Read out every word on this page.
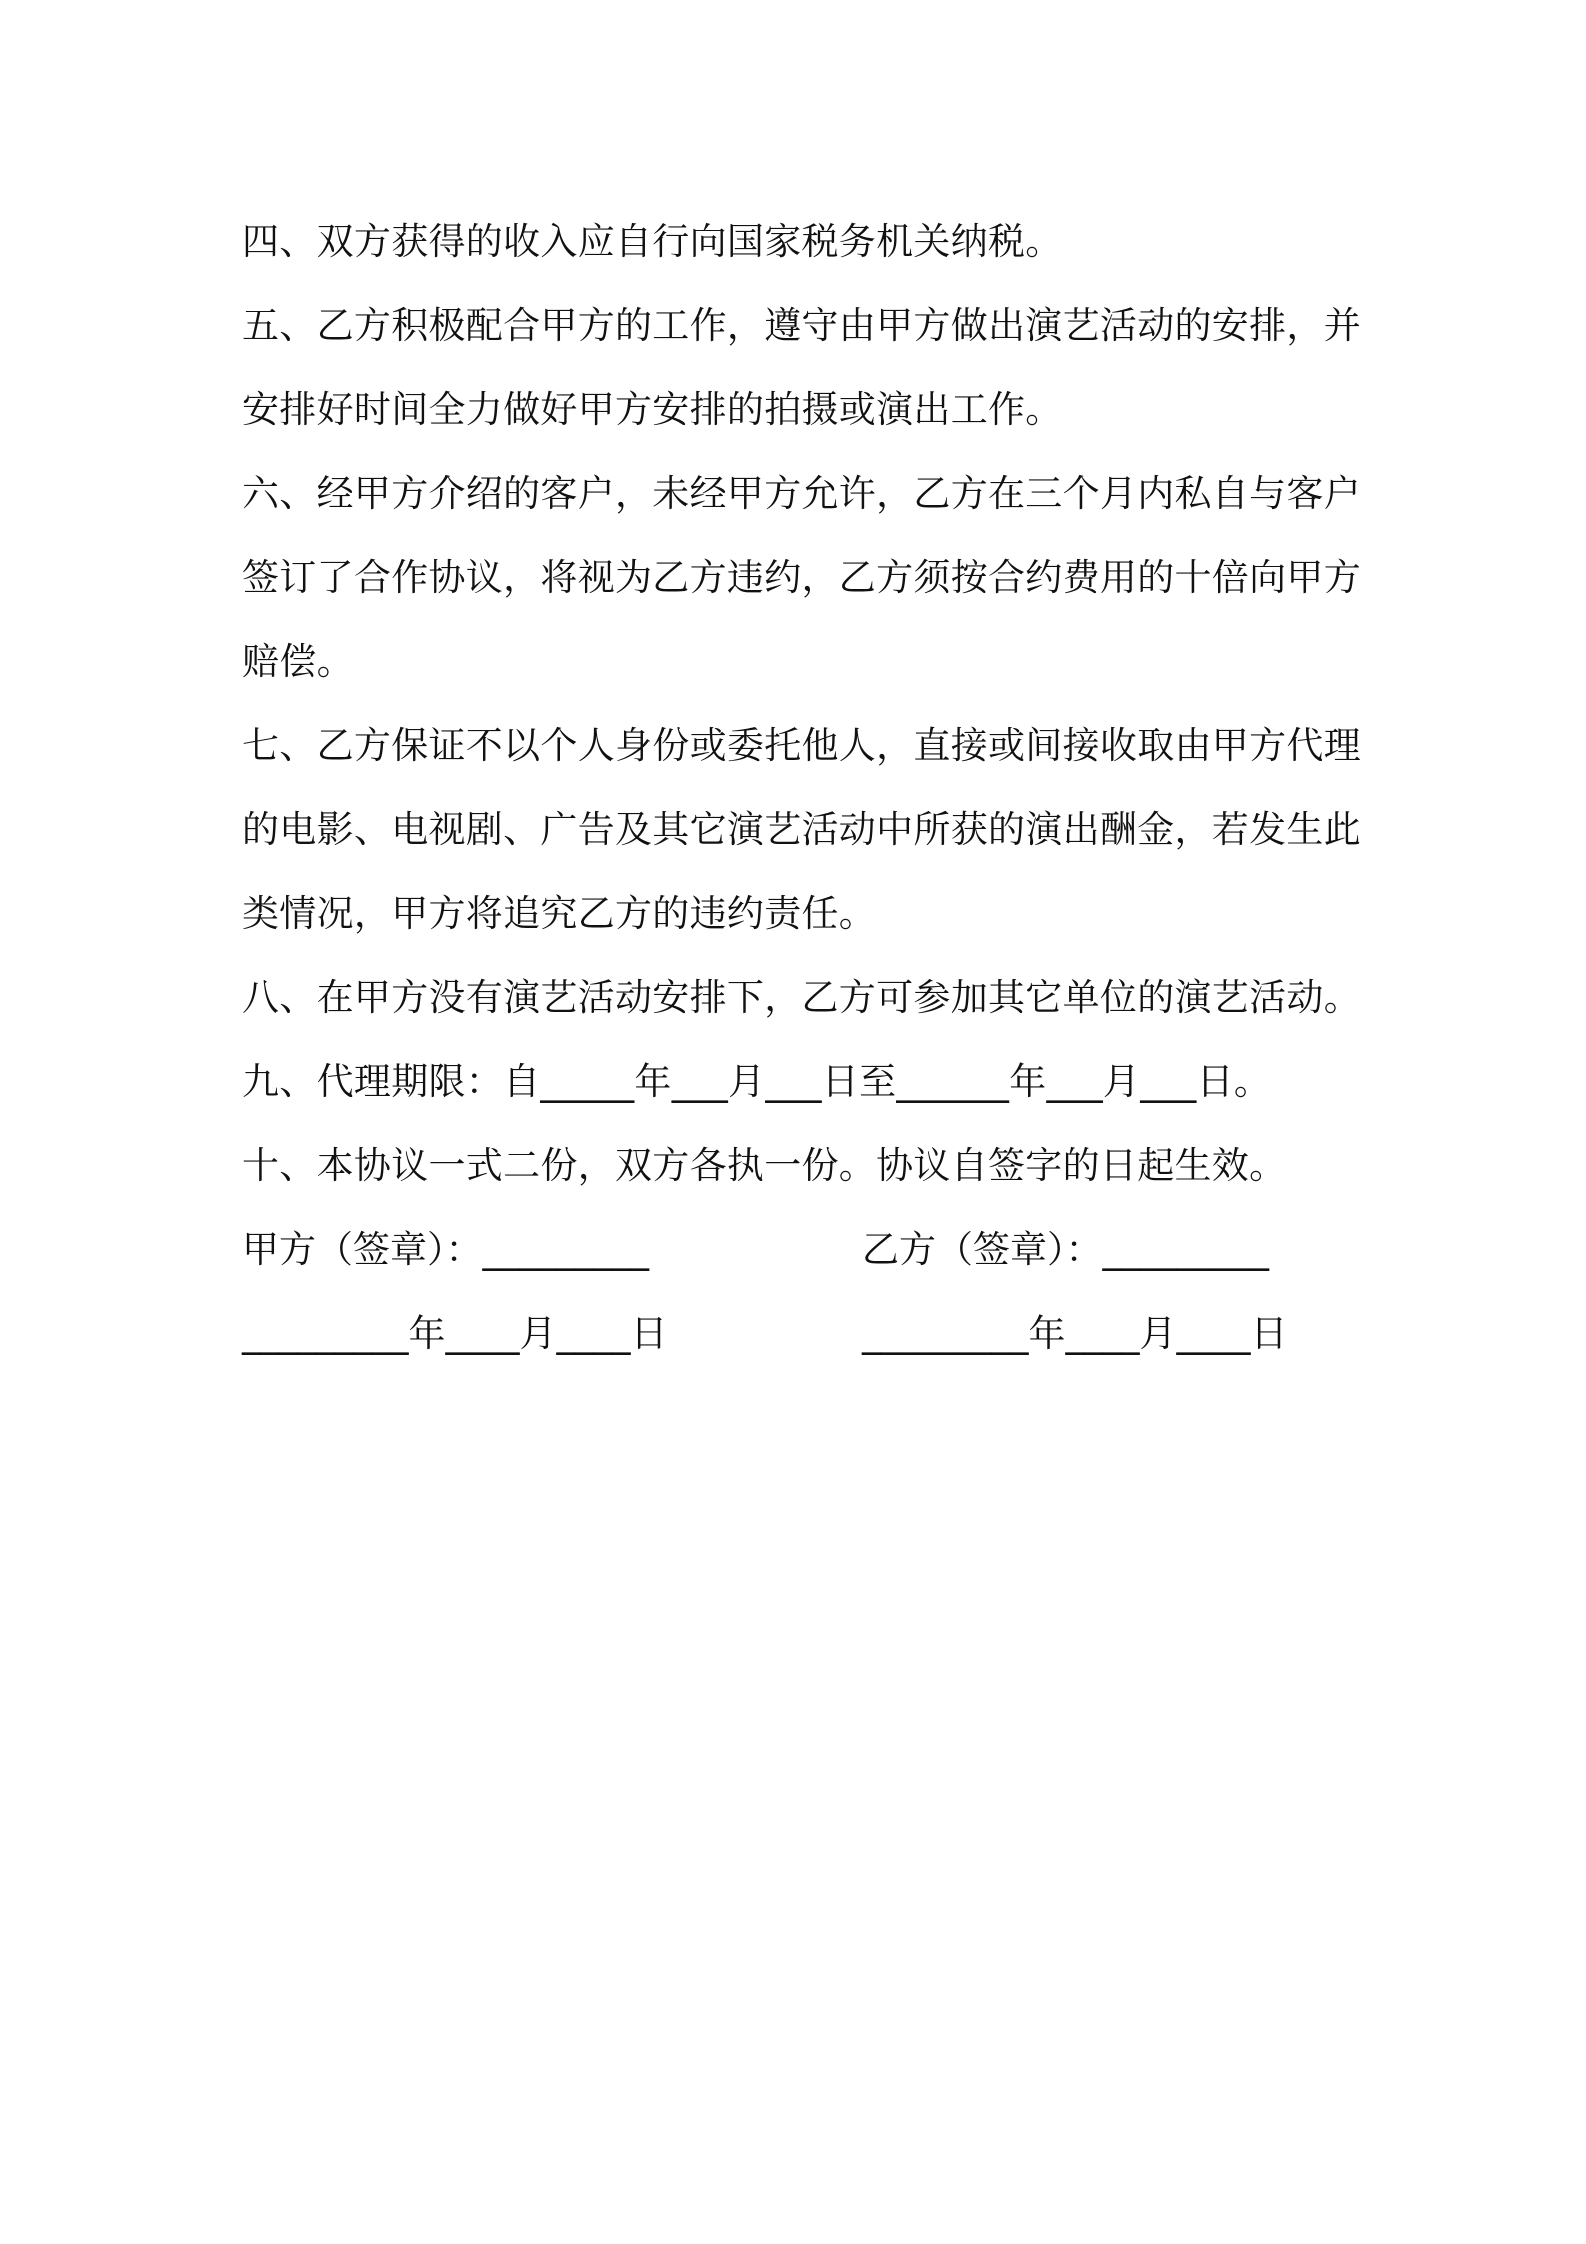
四、双方获得的收入应自行向国家税务机关纳税。

五、乙方积极配合甲方的工作，遵守由甲方做出演艺活动的安排，并安排好时间全力做好甲方安排的拍摄或演出工作。

六、经甲方介绍的客户，未经甲方允许，乙方在三个月内私自与客户签订了合作协议，将视为乙方违约，乙方须按合约费用的十倍向甲方赔偿。

七、乙方保证不以个人身份或委托他人，直接或间接收取由甲方代理的电影、电视剧、广告及其它演艺活动中所获的演出酬金，若发生此类情况，甲方将追究乙方的违约责任。

八、在甲方没有演艺活动安排下，乙方可参加其它单位的演艺活动。

九、代理期限：自_____年___月___日至______年___月___日。

十、本协议一式二份，双方各执一份。协议自签字的日起生效。

甲方（签章）：_________

	乙方（签章）：_________

_________年____月____日

	_________年____月____日
